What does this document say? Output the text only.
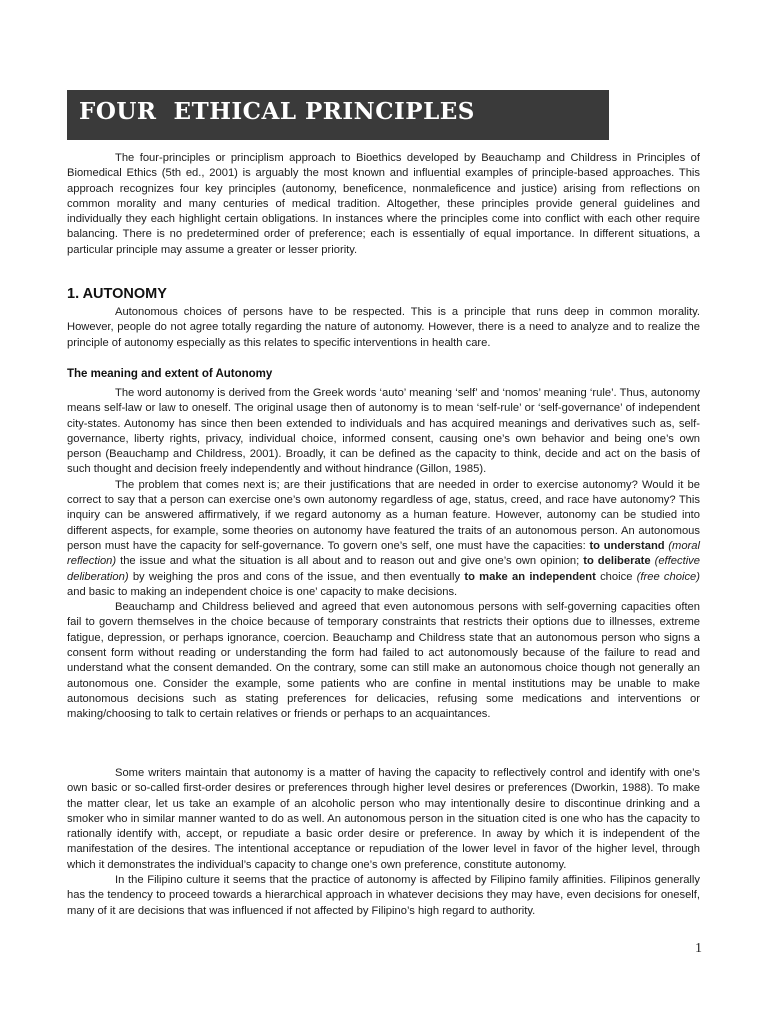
FOUR  ETHICAL PRINCIPLES

The four-principles or principlism approach to Bioethics developed by Beauchamp and Childress in Principles of Biomedical Ethics (5th ed., 2001) is arguably the most known and influential examples of principle-based approaches. This approach recognizes four key principles (autonomy, beneficence, nonmaleficence and justice) arising from reflections on common morality and many centuries of medical tradition. Altogether, these principles provide general guidelines and individually they each highlight certain obligations. In instances where the principles come into conflict with each other require balancing. There is no predetermined order of preference; each is essentially of equal importance. In different situations, a particular principle may assume a greater or lesser priority.

1. AUTONOMY

Autonomous choices of persons have to be respected. This is a principle that runs deep in common morality. However, people do not agree totally regarding the nature of autonomy. However, there is a need to analyze and to realize the principle of autonomy especially as this relates to specific interventions in health care.

The meaning and extent of Autonomy

The word autonomy is derived from the Greek words ‘auto’ meaning ‘self’ and ‘nomos’ meaning ‘rule’. Thus, autonomy means self-law or law to oneself. The original usage then of autonomy is to mean ‘self-rule’ or ‘self-governance’ of independent city-states. Autonomy has since then been extended to individuals and has acquired meanings and derivatives such as, self-governance, liberty rights, privacy, individual choice, informed consent, causing one’s own behavior and being one’s own person (Beauchamp and Childress, 2001). Broadly, it can be defined as the capacity to think, decide and act on the basis of such thought and decision freely independently and without hindrance (Gillon, 1985).

The problem that comes next is; are their justifications that are needed in order to exercise autonomy? Would it be correct to say that a person can exercise one’s own autonomy regardless of age, status, creed, and race have autonomy? This inquiry can be answered affirmatively, if we regard autonomy as a human feature. However, autonomy can be studied into different aspects, for example, some theories on autonomy have featured the traits of an autonomous person. An autonomous person must have the capacity for self-governance. To govern one’s self, one must have the capacities: to understand (moral reflection) the issue and what the situation is all about and to reason out and give one’s own opinion; to deliberate (effective deliberation) by weighing the pros and cons of the issue, and then eventually to make an independent choice (free choice) and basic to making an independent choice is one’ capacity to make decisions.

Beauchamp and Childress believed and agreed that even autonomous persons with self-governing capacities often fail to govern themselves in the choice because of temporary constraints that restricts their options due to illnesses, extreme fatigue, depression, or perhaps ignorance, coercion. Beauchamp and Childress state that an autonomous person who signs a consent form without reading or understanding the form had failed to act autonomously because of the failure to read and understand what the consent demanded. On the contrary, some can still make an autonomous choice though not generally an autonomous one. Consider the example, some patients who are confine in mental institutions may be unable to make autonomous decisions such as stating preferences for delicacies, refusing some medications and interventions or making/choosing to talk to certain relatives or friends or perhaps to an acquaintances.

Some writers maintain that autonomy is a matter of having the capacity to reflectively control and identify with one’s own basic or so-called first-order desires or preferences through higher level desires or preferences (Dworkin, 1988). To make the matter clear, let us take an example of an alcoholic person who may intentionally desire to discontinue drinking and a smoker who in similar manner wanted to do as well. An autonomous person in the situation cited is one who has the capacity to rationally identify with, accept, or repudiate a basic order desire or preference. In away by which it is independent of the manifestation of the desires. The intentional acceptance or repudiation of the lower level in favor of the higher level, through which it demonstrates the individual’s capacity to change one’s own preference, constitute autonomy.

In the Filipino culture it seems that the practice of autonomy is affected by Filipino family affinities. Filipinos generally has the tendency to proceed towards a hierarchical approach in whatever decisions they may have, even decisions for oneself, many of it are decisions that was influenced if not affected by Filipino’s high regard to authority.

1
